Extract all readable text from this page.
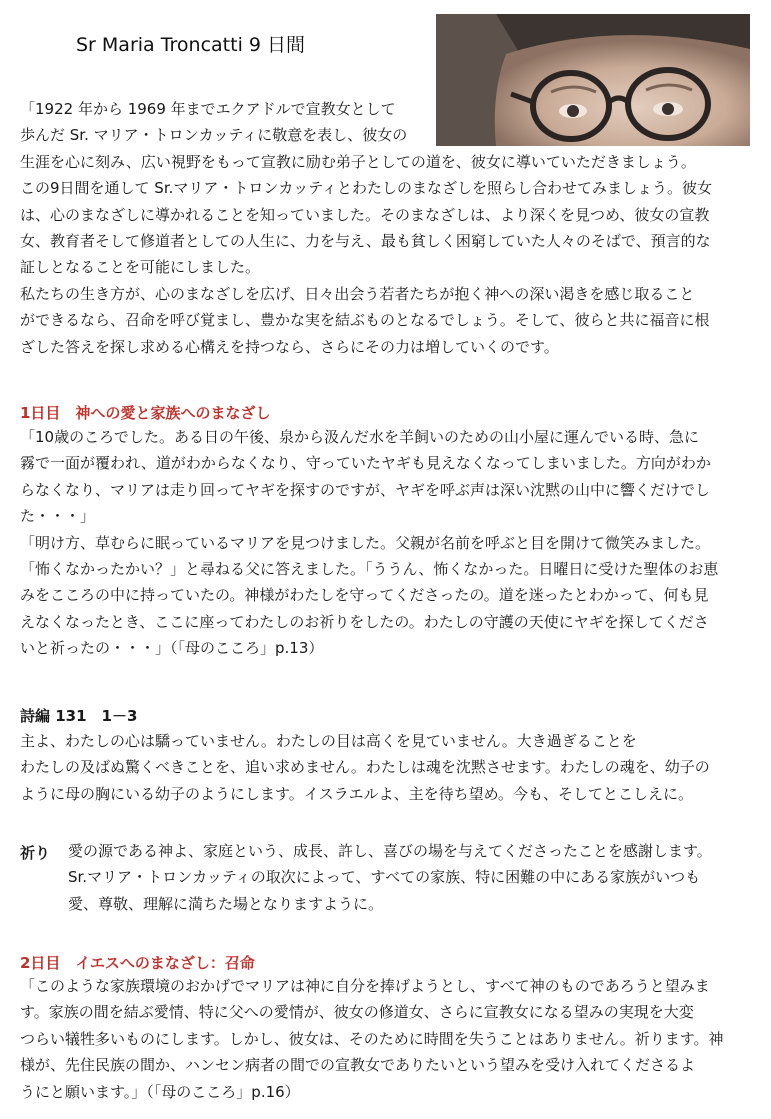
Sr Maria Troncatti 9 日間
「1922 年から 1969 年までエクアドルで宣教女として
歩んだ Sr. マリア・トロンカッティに敬意を表し、彼女の
生涯を心に刻み、広い視野をもって宣教に励む弟子としての道を、彼女に導いていただきましょう。
この9日間を通して Sr.マリア・トロンカッティとわたしのまなざしを照らし合わせてみましょう。彼女
は、心のまなざしに導かれることを知っていました。そのまなざしは、より深くを見つめ、彼女の宣教
女、教育者そして修道者としての人生に、力を与え、最も貧しく困窮していた人々のそばで、預言的な
証しとなることを可能にしました。
私たちの生き方が、心のまなざしを広げ、日々出会う若者たちが抱く神への深い渇きを感じ取ること
ができるなら、召命を呼び覚まし、豊かな実を結ぶものとなるでしょう。そして、彼らと共に福音に根
ざした答えを探し求める心構えを持つなら、さらにその力は増していくのです。
1日目　神への愛と家族へのまなざし
「10歳のころでした。ある日の午後、泉から汲んだ水を羊飼いのための山小屋に運んでいる時、急に
霧で一面が覆われ、道がわからなくなり、守っていたヤギも見えなくなってしまいました。方向がわか
らなくなり、マリアは走り回ってヤギを探すのですが、ヤギを呼ぶ声は深い沈黙の山中に響くだけでし
た・・・」
「明け方、草むらに眠っているマリアを見つけました。父親が名前を呼ぶと目を開けて微笑みました。
「怖くなかったかい？」と尋ねる父に答えました。「ううん、怖くなかった。日曜日に受けた聖体のお恵
みをこころの中に持っていたの。神様がわたしを守ってくださったの。道を迷ったとわかって、何も見
えなくなったとき、ここに座ってわたしのお祈りをしたの。わたしの守護の天使にヤギを探してくださ
いと祈ったの・・・」（「母のこころ」p.13）
詩編 131　1－3
主よ、わたしの心は驕っていません。わたしの目は高くを見ていません。大き過ぎることを
わたしの及ばぬ驚くべきことを、追い求めません。わたしは魂を沈黙させます。わたしの魂を、幼子の
ように母の胸にいる幼子のようにします。イスラエルよ、主を待ち望め。今も、そしてとこしえに。
祈り 愛の源である神よ、家庭という、成長、許し、喜びの場を与えてくださったことを感謝します。
Sr.マリア・トロンカッティの取次によって、すべての家族、特に困難の中にある家族がいつも
愛、尊敬、理解に満ちた場となりますように。
2日目　イエスへのまなざし：召命
「このような家族環境のおかげでマリアは神に自分を捧げようとし、すべて神のものであろうと望みま
す。家族の間を結ぶ愛情、特に父への愛情が、彼女の修道女、さらに宣教女になる望みの実現を大変
つらい犠牲多いものにします。しかし、彼女は、そのために時間を失うことはありません。祈ります。神
様が、先住民族の間か、ハンセン病者の間での宣教女でありたいという望みを受け入れてくださるよ
うにと願います。」（「母のこころ」p.16）
